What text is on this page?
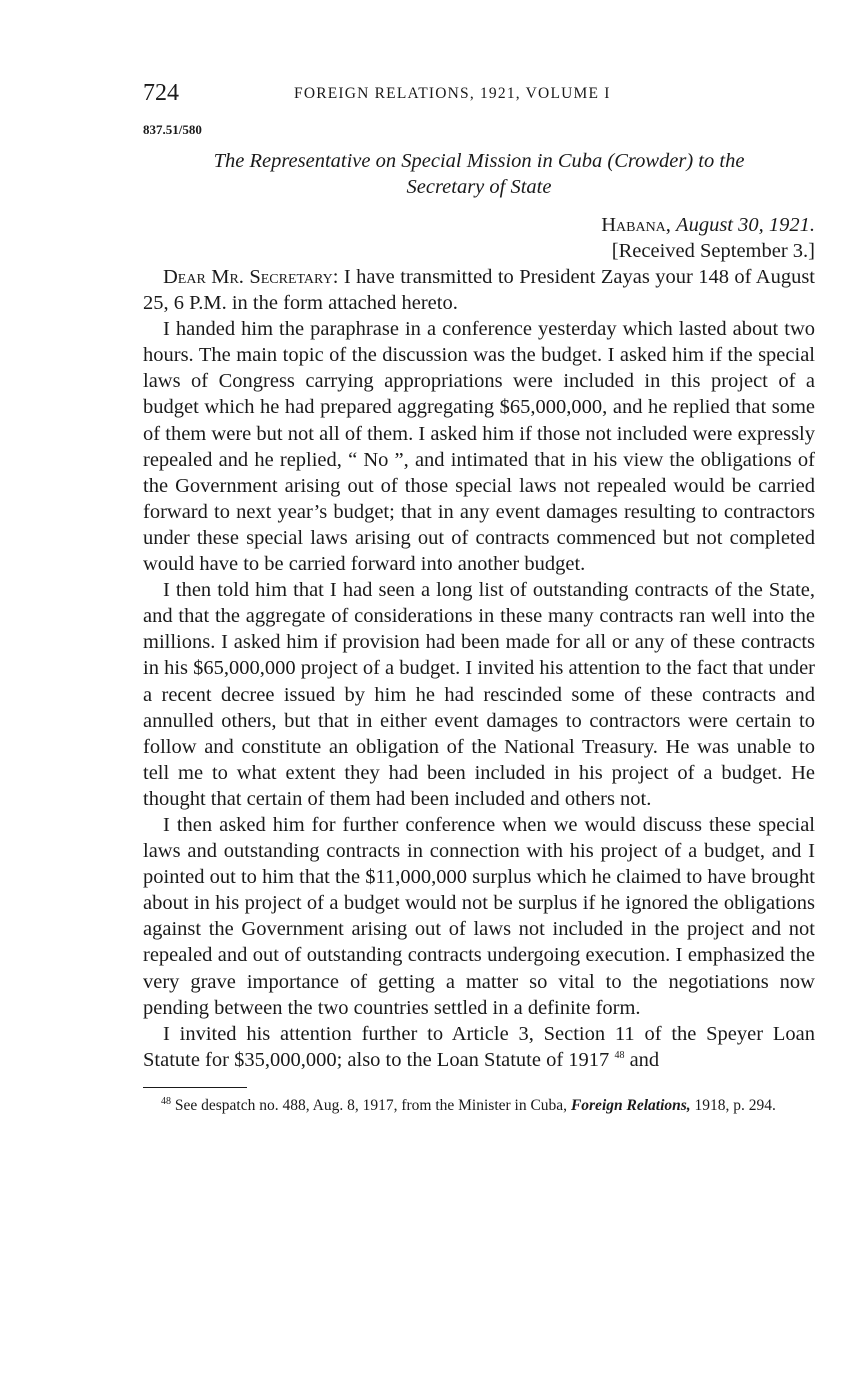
724	FOREIGN RELATIONS, 1921, VOLUME I
837.51/580
The Representative on Special Mission in Cuba (Crowder) to the
Secretary of State
Habana, August 30, 1921.
[Received September 3.]

Dear Mr. Secretary: I have transmitted to President Zayas your 148 of August 25, 6 P.M. in the form attached hereto.

I handed him the paraphrase in a conference yesterday which lasted about two hours. The main topic of the discussion was the budget. I asked him if the special laws of Congress carrying appropriations were included in this project of a budget which he had prepared aggregating $65,000,000, and he replied that some of them were but not all of them. I asked him if those not included were expressly repealed and he replied, “ No ”, and intimated that in his view the obligations of the Government arising out of those special laws not repealed would be carried forward to next year’s budget; that in any event damages resulting to contractors under these special laws arising out of contracts commenced but not completed would have to be carried forward into another budget.

I then told him that I had seen a long list of outstanding contracts of the State, and that the aggregate of considerations in these many contracts ran well into the millions. I asked him if provision had been made for all or any of these contracts in his $65,000,000 project of a budget. I invited his attention to the fact that under a recent decree issued by him he had rescinded some of these contracts and annulled others, but that in either event damages to contractors were certain to follow and constitute an obligation of the National Treasury. He was unable to tell me to what extent they had been included in his project of a budget. He thought that certain of them had been included and others not.

I then asked him for further conference when we would discuss these special laws and outstanding contracts in connection with his project of a budget, and I pointed out to him that the $11,000,000 surplus which he claimed to have brought about in his project of a budget would not be surplus if he ignored the obligations against the Government arising out of laws not included in the project and not repealed and out of outstanding contracts undergoing execution. I emphasized the very grave importance of getting a matter so vital to the negotiations now pending between the two countries settled in a definite form.

I invited his attention further to Article 3, Section 11 of the Speyer Loan Statute for $35,000,000; also to the Loan Statute of 1917 $^{48}$ and

$^{48}$ See despatch no. 488, Aug. 8, 1917, from the Minister in Cuba, Foreign Relations, 1918, p. 294.
